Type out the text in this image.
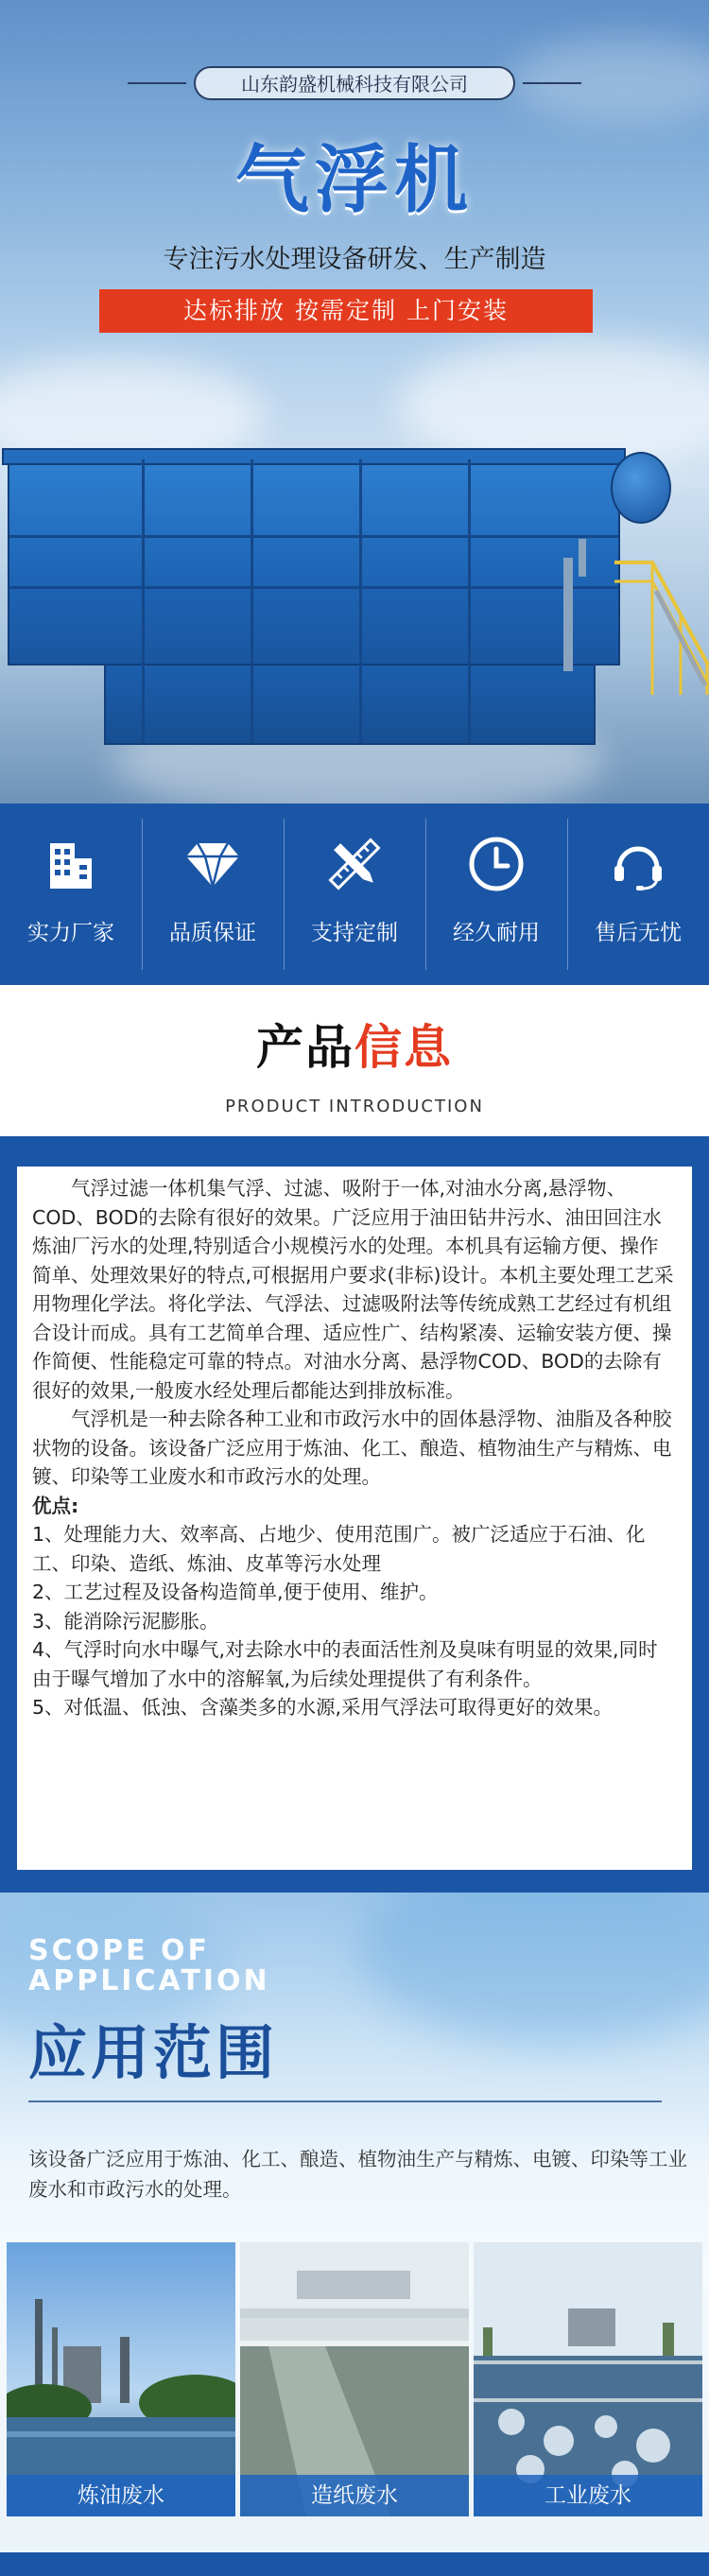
山东韵盛机械科技有限公司
气浮机
专注污水处理设备研发、生产制造
达标排放 按需定制 上门安装
实力厂家	品质保证	支持定制	经久耐用	售后无忧
产品信息
PRODUCT INTRODUCTION

气浮过滤一体机集气浮、过滤、吸附于一体,对油水分离,悬浮物、COD、BOD的去除有很好的效果。广泛应用于油田钻井污水、油田回注水炼油厂污水的处理,特别适合小规模污水的处理。本机具有运输方便、操作简单、处理效果好的特点,可根据用户要求(非标)设计。本机主要处理工艺采用物理化学法。将化学法、气浮法、过滤吸附法等传统成熟工艺经过有机组合设计而成。具有工艺简单合理、适应性广、结构紧凑、运输安装方便、操作简便、性能稳定可靠的特点。对油水分离、悬浮物COD、BOD的去除有很好的效果,一般废水经处理后都能达到排放标准。

气浮机是一种去除各种工业和市政污水中的固体悬浮物、油脂及各种胶状物的设备。该设备广泛应用于炼油、化工、酿造、植物油生产与精炼、电镀、印染等工业废水和市政污水的处理。

优点:

1、处理能力大、效率高、占地少、使用范围广。被广泛适应于石油、化工、印染、造纸、炼油、皮革等污水处理

2、工艺过程及设备构造简单,便于使用、维护。

3、能消除污泥膨胀。

4、气浮时向水中曝气,对去除水中的表面活性剂及臭味有明显的效果,同时由于曝气增加了水中的溶解氧,为后续处理提供了有利条件。

5、对低温、低浊、含藻类多的水源,采用气浮法可取得更好的效果。

SCOPE OF
APPLICATION
应用范围
该设备广泛应用于炼油、化工、酿造、植物油生产与精炼、电镀、印染等工业废水和市政污水的处理。
炼油废水	造纸废水	工业废水
